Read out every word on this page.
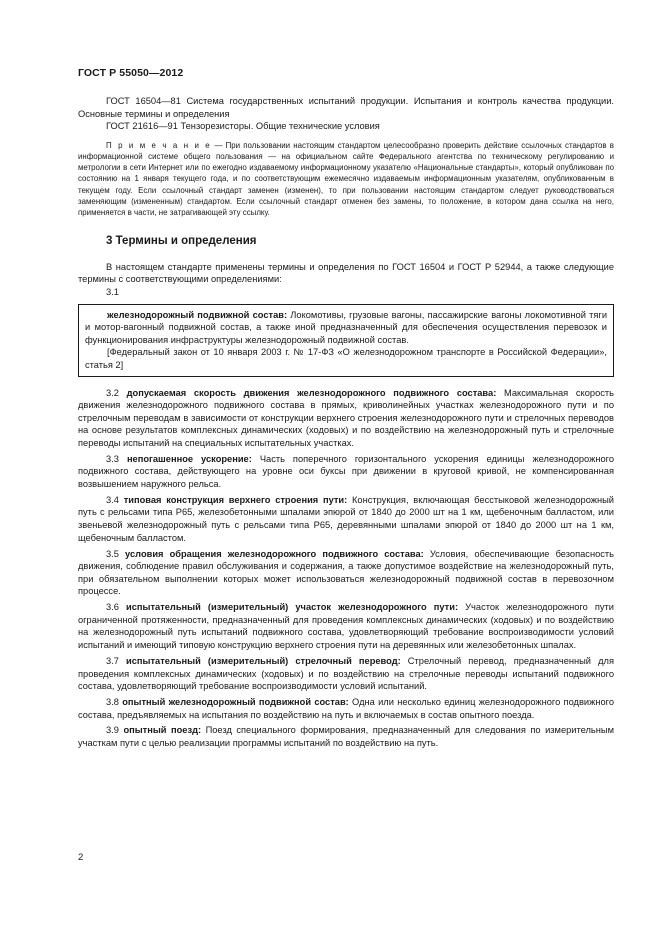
ГОСТ Р 55050—2012

ГОСТ 16504—81 Система государственных испытаний продукции. Испытания и контроль качества продукции. Основные термины и определения

ГОСТ 21616—91 Тензорезисторы. Общие технические условия

П р и м е ч а н и е — При пользовании настоящим стандартом целесообразно проверить действие ссылочных стандартов в информационной системе общего пользования — на официальном сайте Федерального агентства по техническому регулированию и метрологии в сети Интернет или по ежегодно издаваемому информационному указателю «Национальные стандарты», который опубликован по состоянию на 1 января текущего года, и по соответствующим ежемесячно издаваемым информационным указателям, опубликованным в текущем году. Если ссылочный стандарт заменен (изменен), то при пользовании настоящим стандартом следует руководствоваться заменяющим (измененным) стандартом. Если ссылочный стандарт отменен без замены, то положение, в котором дана ссылка на него, применяется в части, не затрагивающей эту ссылку.

3 Термины и определения

В настоящем стандарте применены термины и определения по ГОСТ 16504 и ГОСТ Р 52944, а также следующие термины с соответствующими определениями:

3.1

железнодорожный подвижной состав: Локомотивы, грузовые вагоны, пассажирские вагоны локомотивной тяги и мотор-вагонный подвижной состав, а также иной предназначенный для обеспечения осуществления перевозок и функционирования инфраструктуры железнодорожный подвижной состав.

[Федеральный закон от 10 января 2003 г. № 17-ФЗ «О железнодорожном транспорте в Российской Федерации», статья 2]

3.2 допускаемая скорость движения железнодорожного подвижного состава: Максимальная скорость движения железнодорожного подвижного состава в прямых, криволинейных участках железнодорожного пути и по стрелочным переводам в зависимости от конструкции верхнего строения железнодорожного пути и стрелочных переводов на основе результатов комплексных динамических (ходовых) и по воздействию на железнодорожный путь и стрелочные переводы испытаний на специальных испытательных участках.

3.3 непогашенное ускорение: Часть поперечного горизонтального ускорения единицы железнодорожного подвижного состава, действующего на уровне оси буксы при движении в круговой кривой, не компенсированная возвышением наружного рельса.

3.4 типовая конструкция верхнего строения пути: Конструкция, включающая бесстыковой железнодорожный путь с рельсами типа Р65, железобетонными шпалами эпюрой от 1840 до 2000 шт на 1 км, щебеночным балластом, или звеньевой железнодорожный путь с рельсами типа Р65, деревянными шпалами эпюрой от 1840 до 2000 шт на 1 км, щебеночным балластом.

3.5 условия обращения железнодорожного подвижного состава: Условия, обеспечивающие безопасность движения, соблюдение правил обслуживания и содержания, а также допустимое воздействие на железнодорожный путь, при обязательном выполнении которых может использоваться железнодорожный подвижной состав в перевозочном процессе.

3.6 испытательный (измерительный) участок железнодорожного пути: Участок железнодорожного пути ограниченной протяженности, предназначенный для проведения комплексных динамических (ходовых) и по воздействию на железнодорожный путь испытаний подвижного состава, удовлетворяющий требование воспроизводимости условий испытаний и имеющий типовую конструкцию верхнего строения пути на деревянных или железобетонных шпалах.

3.7 испытательный (измерительный) стрелочный перевод: Стрелочный перевод, предназначенный для проведения комплексных динамических (ходовых) и по воздействию на стрелочные переводы испытаний подвижного состава, удовлетворяющий требование воспроизводимости условий испытаний.

3.8 опытный железнодорожный подвижной состав: Одна или несколько единиц железнодорожного подвижного состава, предъявляемых на испытания по воздействию на путь и включаемых в состав опытного поезда.

3.9 опытный поезд: Поезд специального формирования, предназначенный для следования по измерительным участкам пути с целью реализации программы испытаний по воздействию на путь.

2
